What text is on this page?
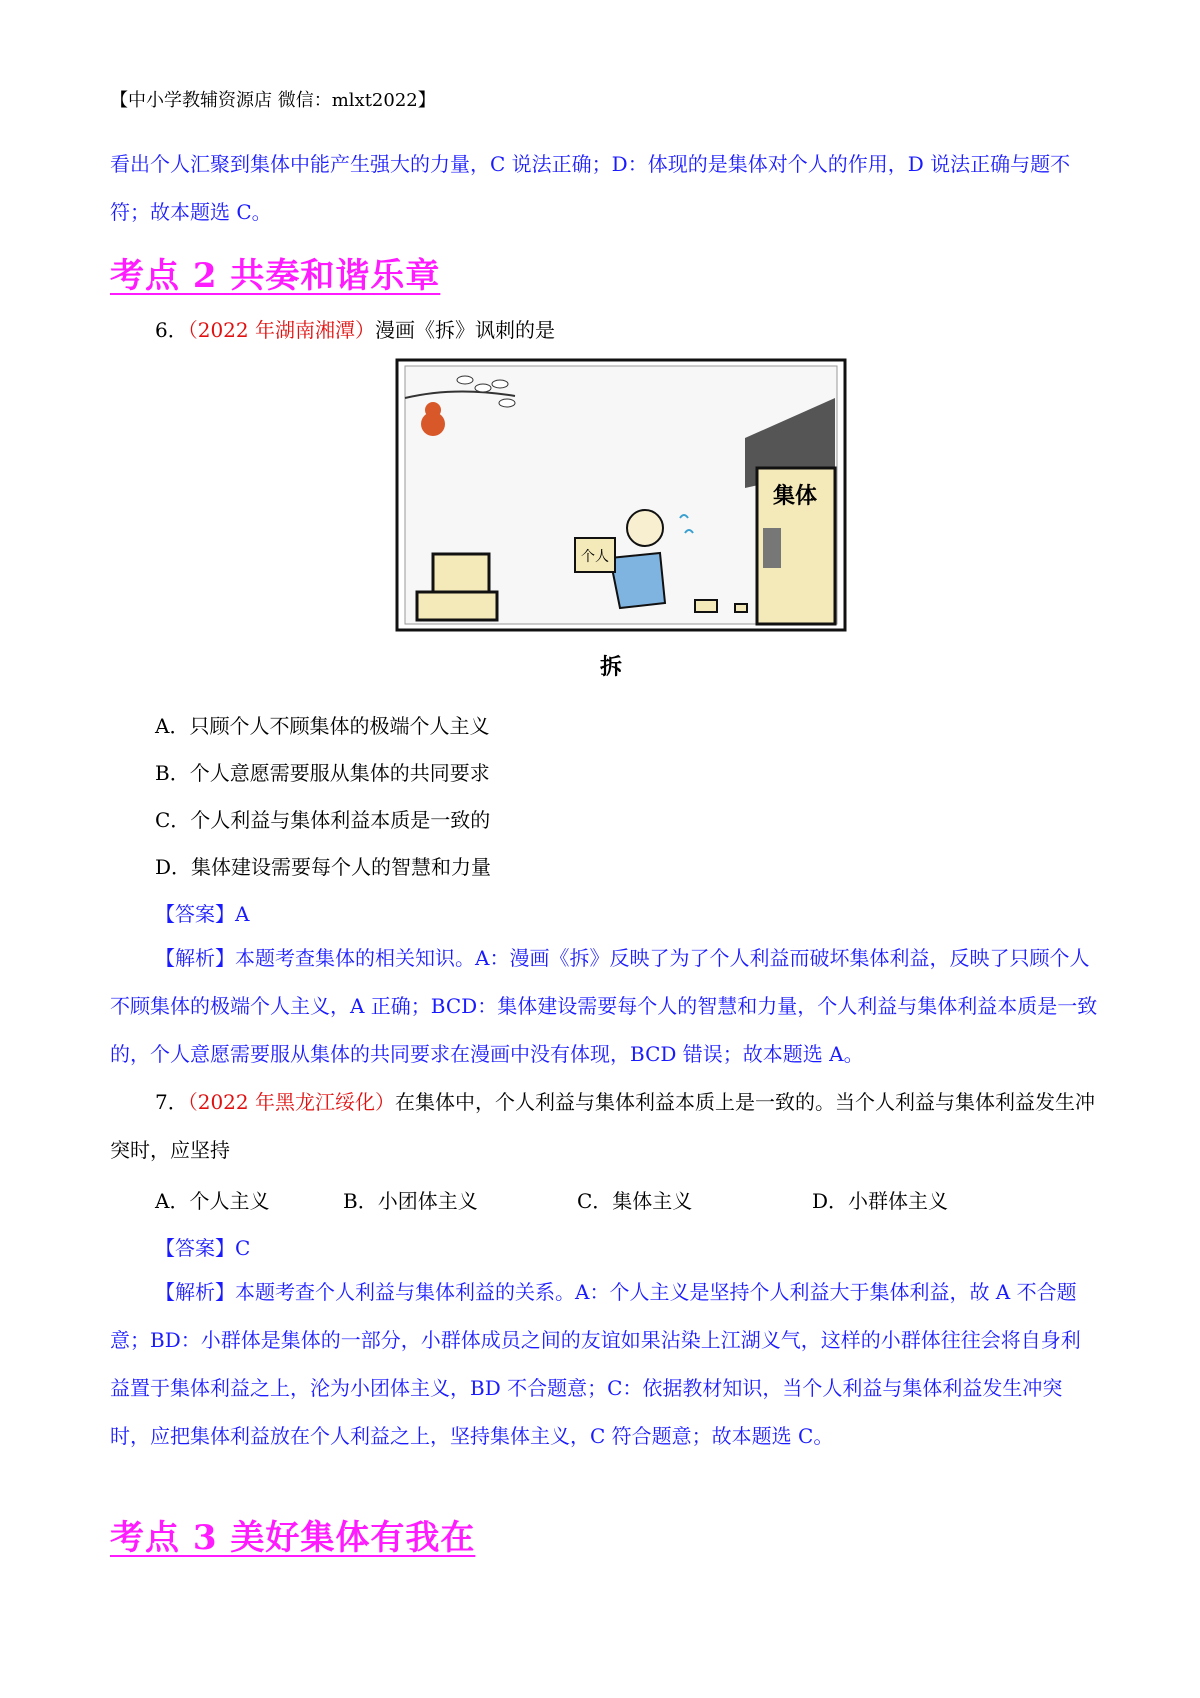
【中小学教辅资源店 微信：mlxt2022】
看出个人汇聚到集体中能产生强大的力量，C 说法正确；D：体现的是集体对个人的作用，D 说法正确与题不符；故本题选 C。
考点 2 共奏和谐乐章
6．（2022 年湖南湘潭）漫画《拆》讽刺的是
集体
个人
拆
A．只顾个人不顾集体的极端个人主义
B．个人意愿需要服从集体的共同要求
C．个人利益与集体利益本质是一致的
D．集体建设需要每个人的智慧和力量
【答案】A
【解析】本题考查集体的相关知识。A：漫画《拆》反映了为了个人利益而破坏集体利益，反映了只顾个人不顾集体的极端个人主义，A 正确；BCD：集体建设需要每个人的智慧和力量，个人利益与集体利益本质是一致的，个人意愿需要服从集体的共同要求在漫画中没有体现，BCD 错误；故本题选 A。
7．（2022 年黑龙江绥化）在集体中，个人利益与集体利益本质上是一致的。当个人利益与集体利益发生冲突时，应坚持
A．个人主义	B．小团体主义	C．集体主义	D．小群体主义
【答案】C
【解析】本题考查个人利益与集体利益的关系。A：个人主义是坚持个人利益大于集体利益，故 A 不合题意；BD：小群体是集体的一部分，小群体成员之间的友谊如果沾染上江湖义气，这样的小群体往往会将自身利益置于集体利益之上，沦为小团体主义，BD 不合题意；C：依据教材知识，当个人利益与集体利益发生冲突时，应把集体利益放在个人利益之上，坚持集体主义，C 符合题意；故本题选 C。
考点 3 美好集体有我在
